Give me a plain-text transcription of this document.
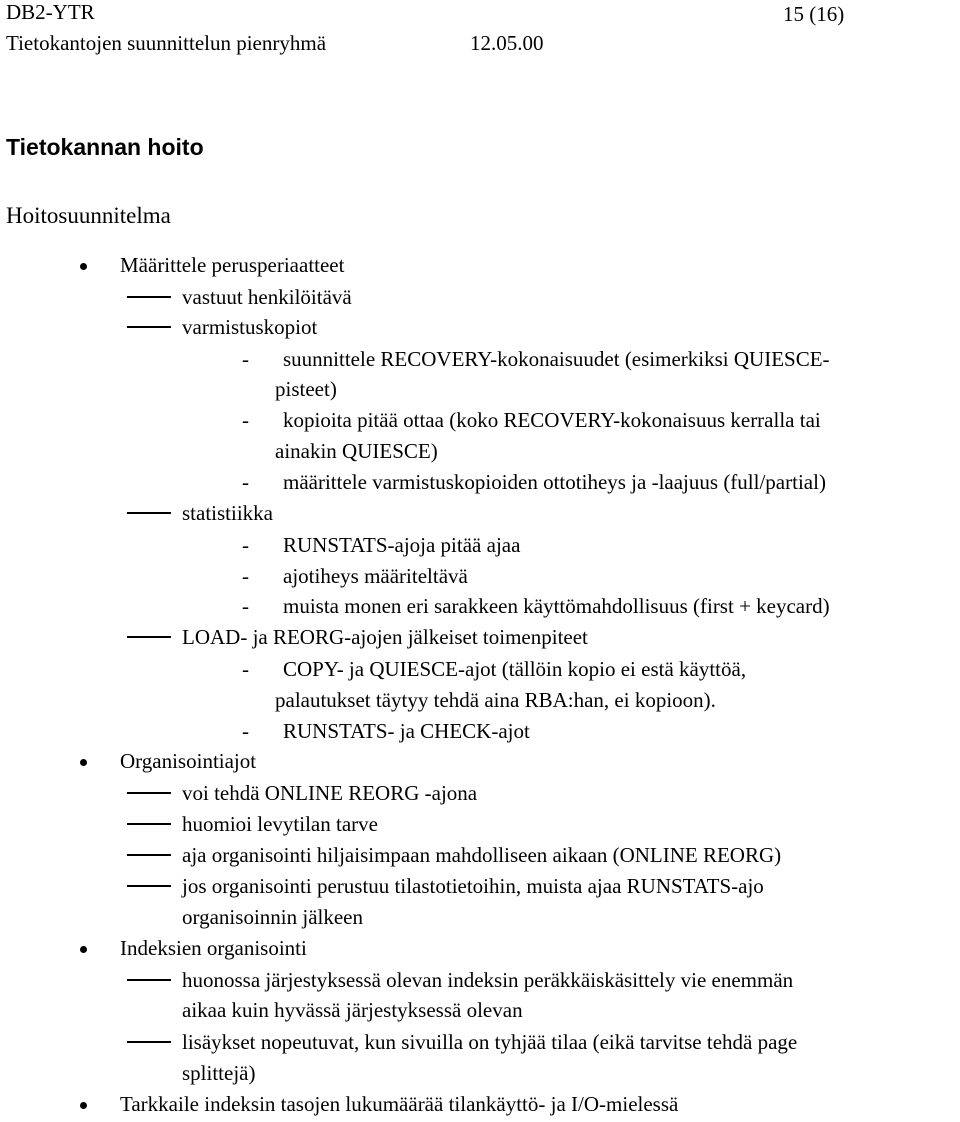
DB2-YTR
Tietokantojen suunnittelun pienryhmä	12.05.00
15 (16)
Tietokannan hoito
Hoitosuunnitelma
Määrittele perusperiaatteet
vastuut henkilöitävä
varmistuskopiot
- suunnittele RECOVERY-kokonaisuudet (esimerkiksi QUIESCE-
pisteet)
- kopioita pitää ottaa (koko RECOVERY-kokonaisuus kerralla tai
ainakin QUIESCE)
- määrittele varmistuskopioiden ottotiheys ja -laajuus (full/partial)
statistiikka
- RUNSTATS-ajoja pitää ajaa
- ajotiheys määriteltävä
- muista monen eri sarakkeen käyttömahdollisuus (first + keycard)
LOAD- ja REORG-ajojen jälkeiset toimenpiteet
- COPY- ja QUIESCE-ajot (tällöin kopio ei estä käyttöä,
palautukset täytyy tehdä aina RBA:han, ei kopioon).
- RUNSTATS- ja CHECK-ajot
Organisointiajot
voi tehdä ONLINE REORG -ajona
huomioi levytilan tarve
aja organisointi hiljaisimpaan mahdolliseen aikaan (ONLINE REORG)
jos organisointi perustuu tilastotietoihin, muista ajaa RUNSTATS-ajo
organisoinnin jälkeen
Indeksien organisointi
huonossa järjestyksessä olevan indeksin peräkkäiskäsittely vie enemmän
aikaa kuin hyvässä järjestyksessä olevan
lisäykset nopeutuvat, kun sivuilla on tyhjää tilaa (eikä tarvitse tehdä page
splittejä)
Tarkkaile indeksin tasojen lukumäärää tilankäyttö- ja I/O-mielessä
